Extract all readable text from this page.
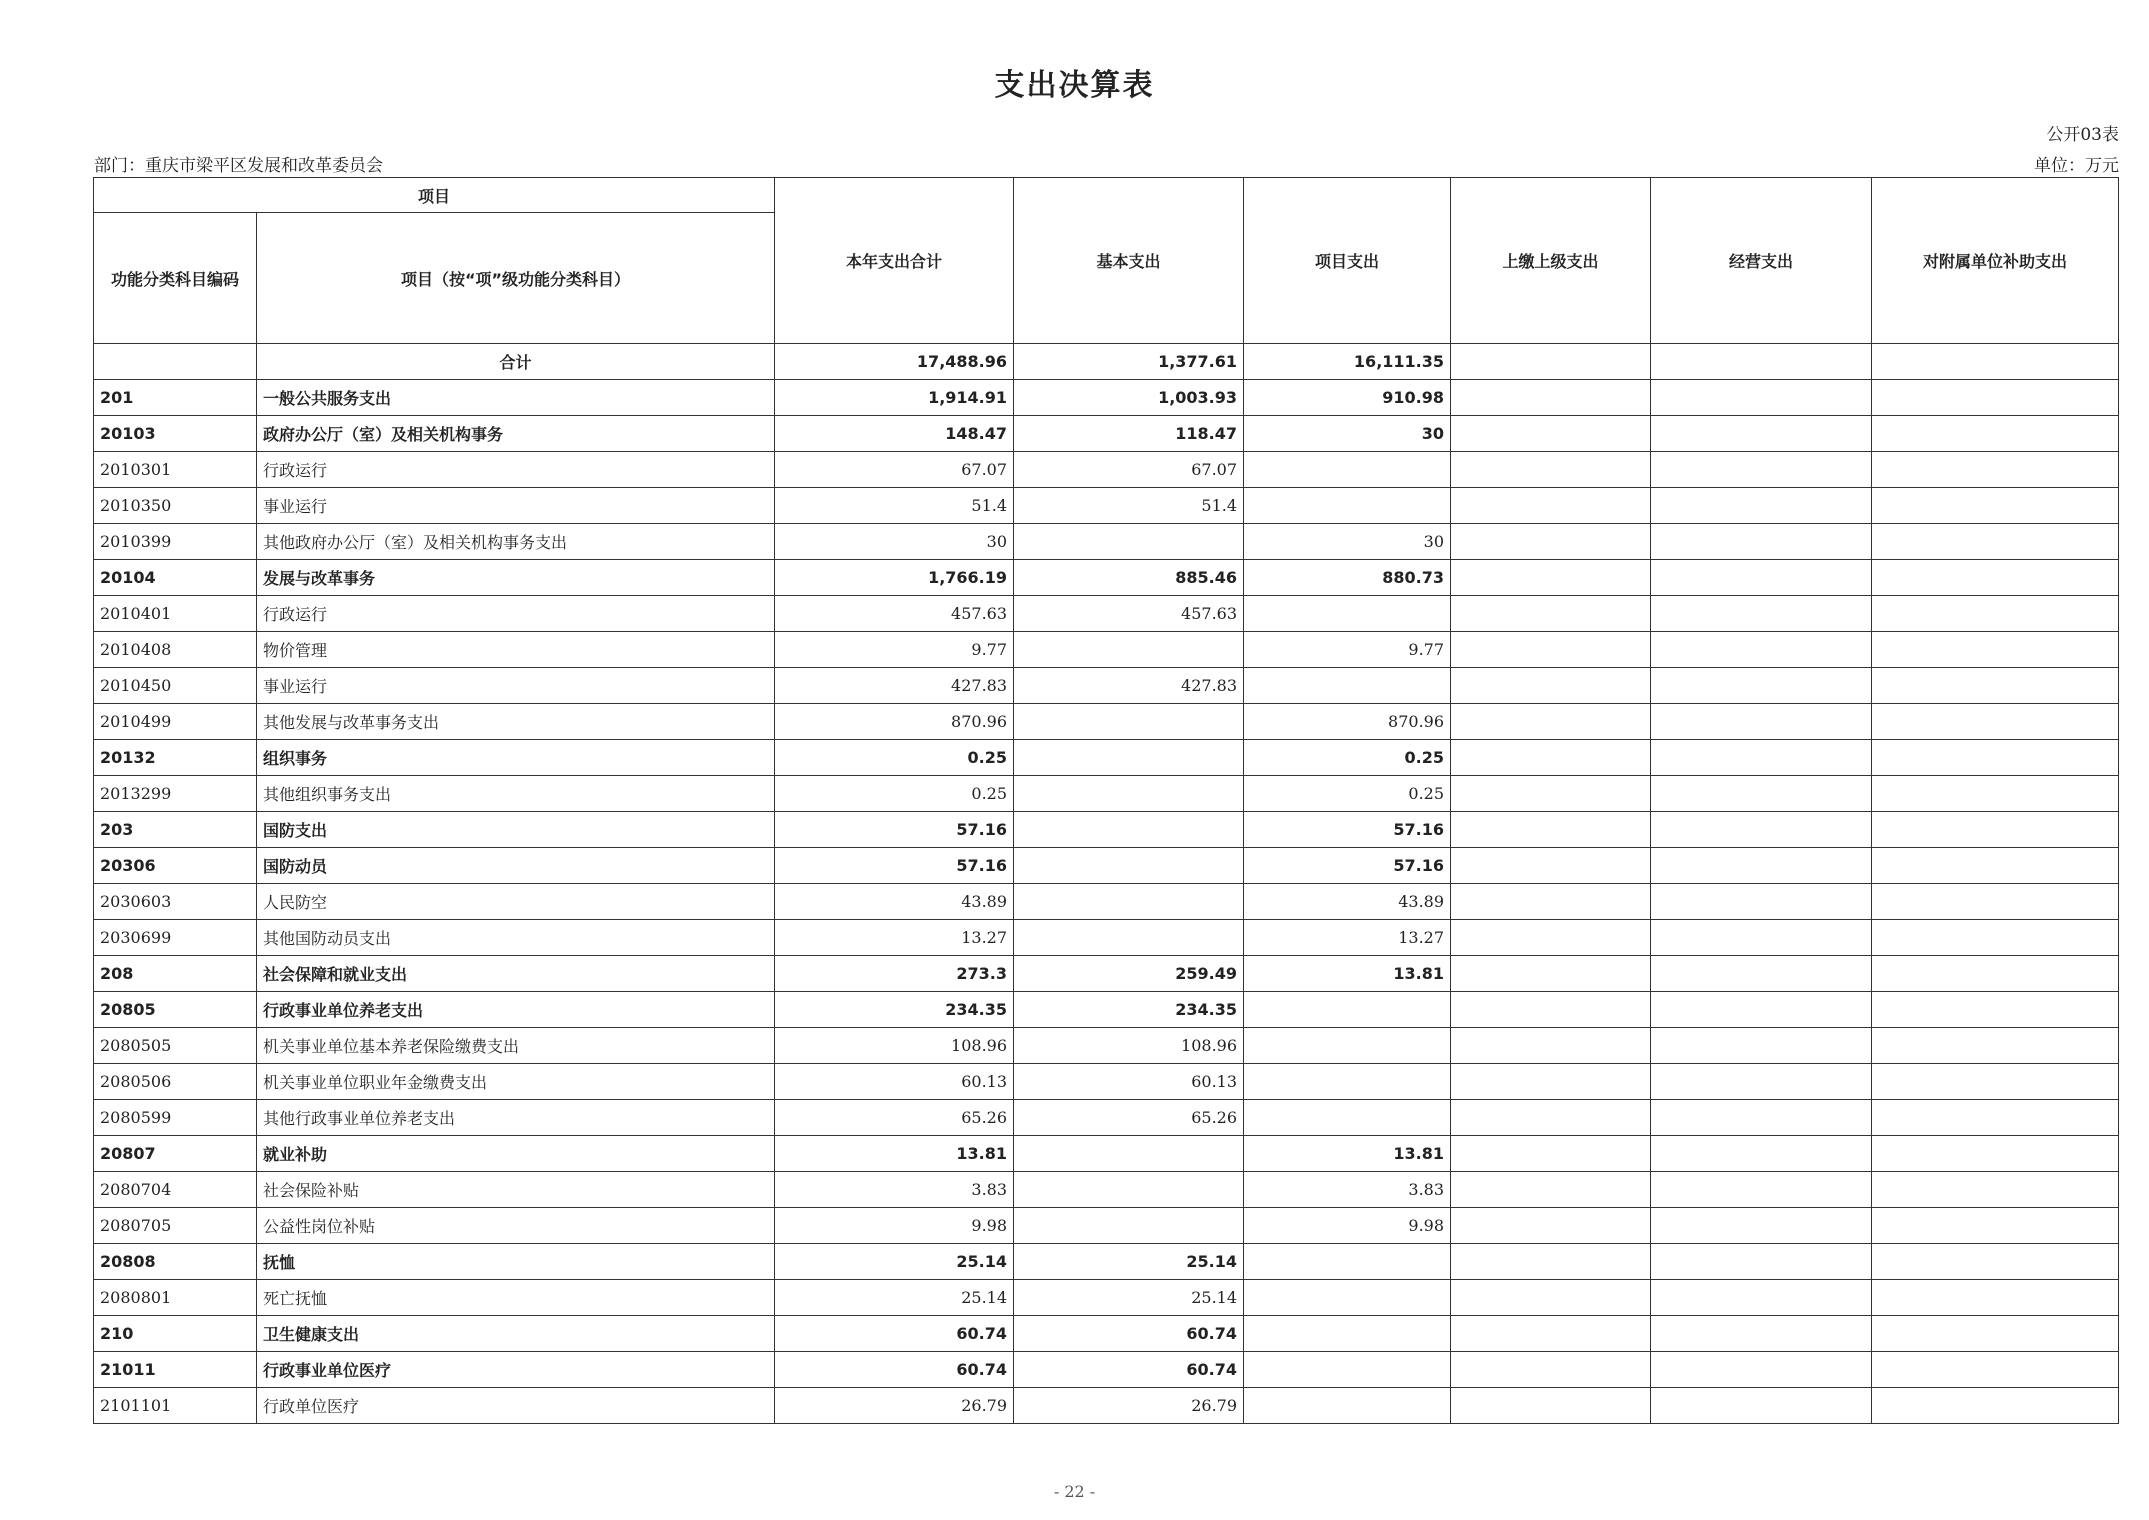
支出决算表
公开03表
部门：重庆市梁平区发展和改革委员会	单位：万元
项目		本年支出合计	基本支出	项目支出	上缴上级支出	经营支出	对附属单位补助支出
功能分类科目编码	项目（按“项”级功能分类科目）						
	合计	17,488.96	1,377.61	16,111.35			
201	一般公共服务支出	1,914.91	1,003.93	910.98			
20103	政府办公厅（室）及相关机构事务	148.47	118.47	30			
2010301	行政运行	67.07	67.07				
2010350	事业运行	51.4	51.4				
2010399	其他政府办公厅（室）及相关机构事务支出	30		30			
20104	发展与改革事务	1,766.19	885.46	880.73			
2010401	行政运行	457.63	457.63				
2010408	物价管理	9.77		9.77			
2010450	事业运行	427.83	427.83				
2010499	其他发展与改革事务支出	870.96		870.96			
20132	组织事务	0.25		0.25			
2013299	其他组织事务支出	0.25		0.25			
203	国防支出	57.16		57.16			
20306	国防动员	57.16		57.16			
2030603	人民防空	43.89		43.89			
2030699	其他国防动员支出	13.27		13.27			
208	社会保障和就业支出	273.3	259.49	13.81			
20805	行政事业单位养老支出	234.35	234.35				
2080505	机关事业单位基本养老保险缴费支出	108.96	108.96				
2080506	机关事业单位职业年金缴费支出	60.13	60.13				
2080599	其他行政事业单位养老支出	65.26	65.26				
20807	就业补助	13.81		13.81			
2080704	社会保险补贴	3.83		3.83			
2080705	公益性岗位补贴	9.98		9.98			
20808	抚恤	25.14	25.14				
2080801	死亡抚恤	25.14	25.14				
210	卫生健康支出	60.74	60.74				
21011	行政事业单位医疗	60.74	60.74				
2101101	行政单位医疗	26.79	26.79				
- 22 -
